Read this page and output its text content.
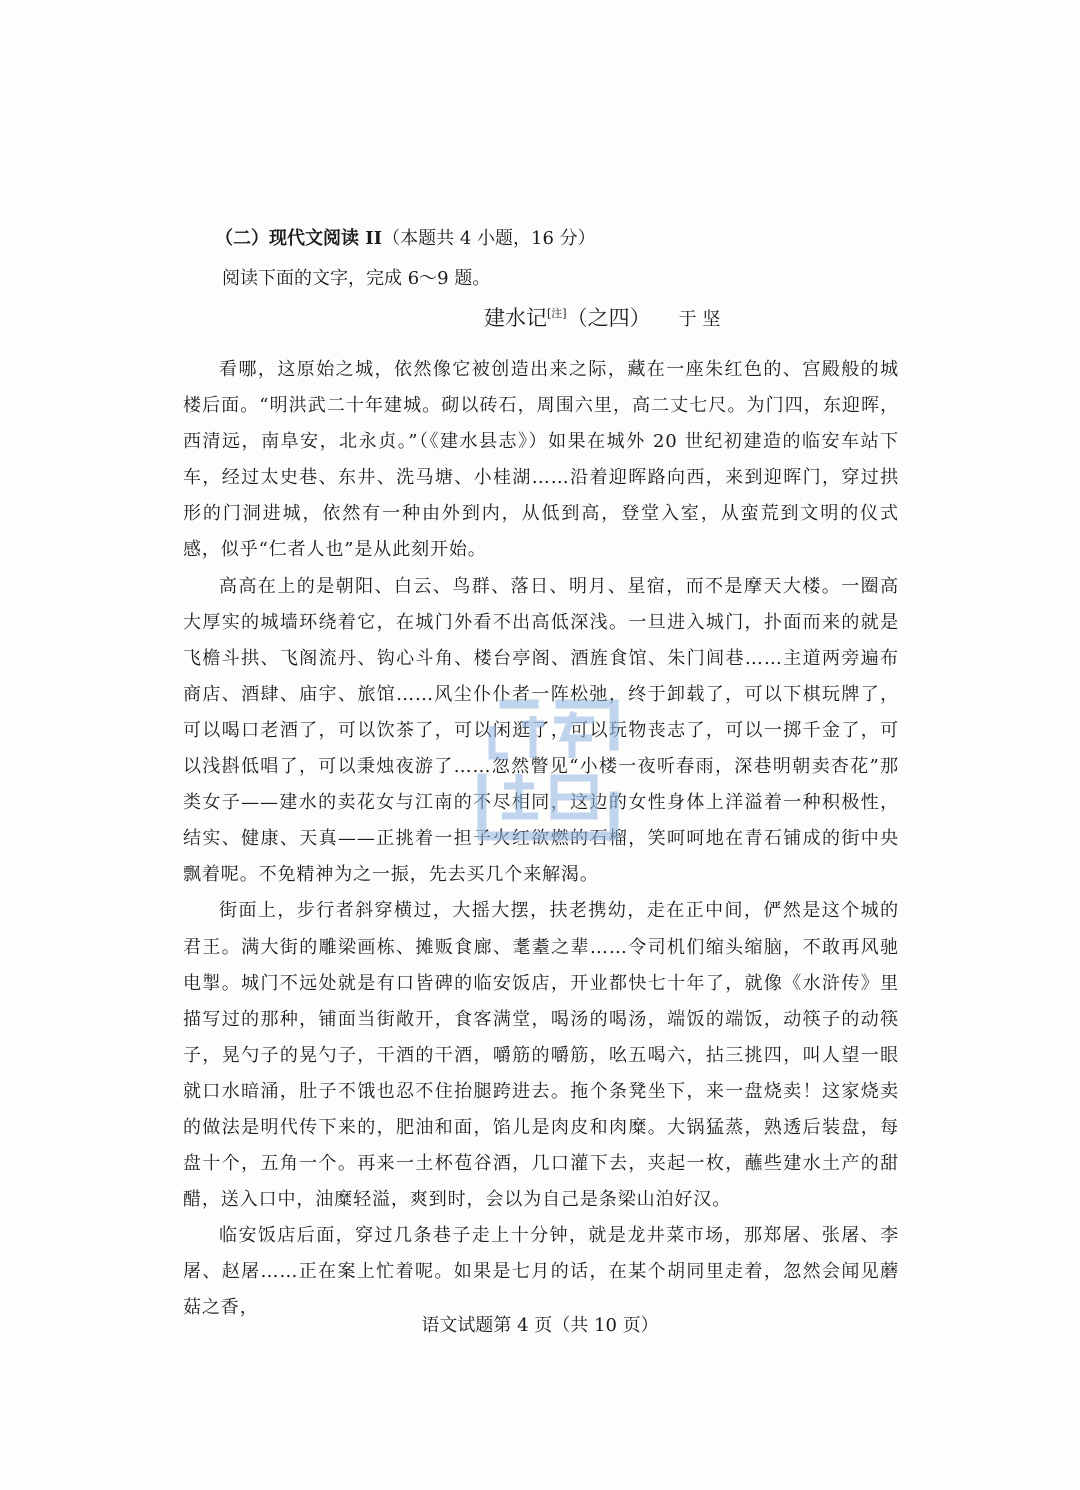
（二）现代文阅读 II（本题共 4 小题，16 分）
阅读下面的文字，完成 6～9 题。
建水记[注]（之四） 于 坚

看哪，这原始之城，依然像它被创造出来之际，藏在一座朱红色的、宫殿般的城楼后面。“明洪武二十年建城。砌以砖石，周围六里，高二丈七尺。为门四，东迎晖，西清远，南阜安，北永贞。”（《建水县志》）如果在城外 20 世纪初建造的临安车站下车，经过太史巷、东井、洗马塘、小桂湖……沿着迎晖路向西，来到迎晖门，穿过拱形的门洞进城，依然有一种由外到内，从低到高，登堂入室，从蛮荒到文明的仪式感，似乎“仁者人也”是从此刻开始。

高高在上的是朝阳、白云、鸟群、落日、明月、星宿，而不是摩天大楼。一圈高大厚实的城墙环绕着它，在城门外看不出高低深浅。一旦进入城门，扑面而来的就是飞檐斗拱、飞阁流丹、钩心斗角、楼台亭阁、酒旌食馆、朱门闾巷……主道两旁遍布商店、酒肆、庙宇、旅馆……风尘仆仆者一阵松弛，终于卸载了，可以下棋玩牌了，可以喝口老酒了，可以饮茶了，可以闲逛了，可以玩物丧志了，可以一掷千金了，可以浅斟低唱了，可以秉烛夜游了……忽然瞥见“小楼一夜听春雨，深巷明朝卖杏花”那类女子——建水的卖花女与江南的不尽相同，这边的女性身体上洋溢着一种积极性，结实、健康、天真——正挑着一担子火红欲燃的石榴，笑呵呵地在青石铺成的街中央飘着呢。不免精神为之一振，先去买几个来解渴。

街面上，步行者斜穿横过，大摇大摆，扶老携幼，走在正中间，俨然是这个城的君王。满大街的雕梁画栋、摊贩食廊、耄耋之辈……令司机们缩头缩脑，不敢再风驰电掣。城门不远处就是有口皆碑的临安饭店，开业都快七十年了，就像《水浒传》里描写过的那种，铺面当街敞开，食客满堂，喝汤的喝汤，端饭的端饭，动筷子的动筷子，晃勺子的晃勺子，干酒的干酒，嚼筋的嚼筋，吆五喝六，拈三挑四，叫人望一眼就口水暗涌，肚子不饿也忍不住抬腿跨进去。拖个条凳坐下，来一盘烧卖！这家烧卖的做法是明代传下来的，肥油和面，馅儿是肉皮和肉糜。大锅猛蒸，熟透后装盘，每盘十个，五角一个。再来一土杯苞谷酒，几口灌下去，夹起一枚，蘸些建水土产的甜醋，送入口中，油糜轻溢，爽到时，会以为自己是条梁山泊好汉。

临安饭店后面，穿过几条巷子走上十分钟，就是龙井菜市场，那郑屠、张屠、李屠、赵屠……正在案上忙着呢。如果是七月的话，在某个胡同里走着，忽然会闻见蘑菇之香，

语文试题第 4 页（共 10 页）
